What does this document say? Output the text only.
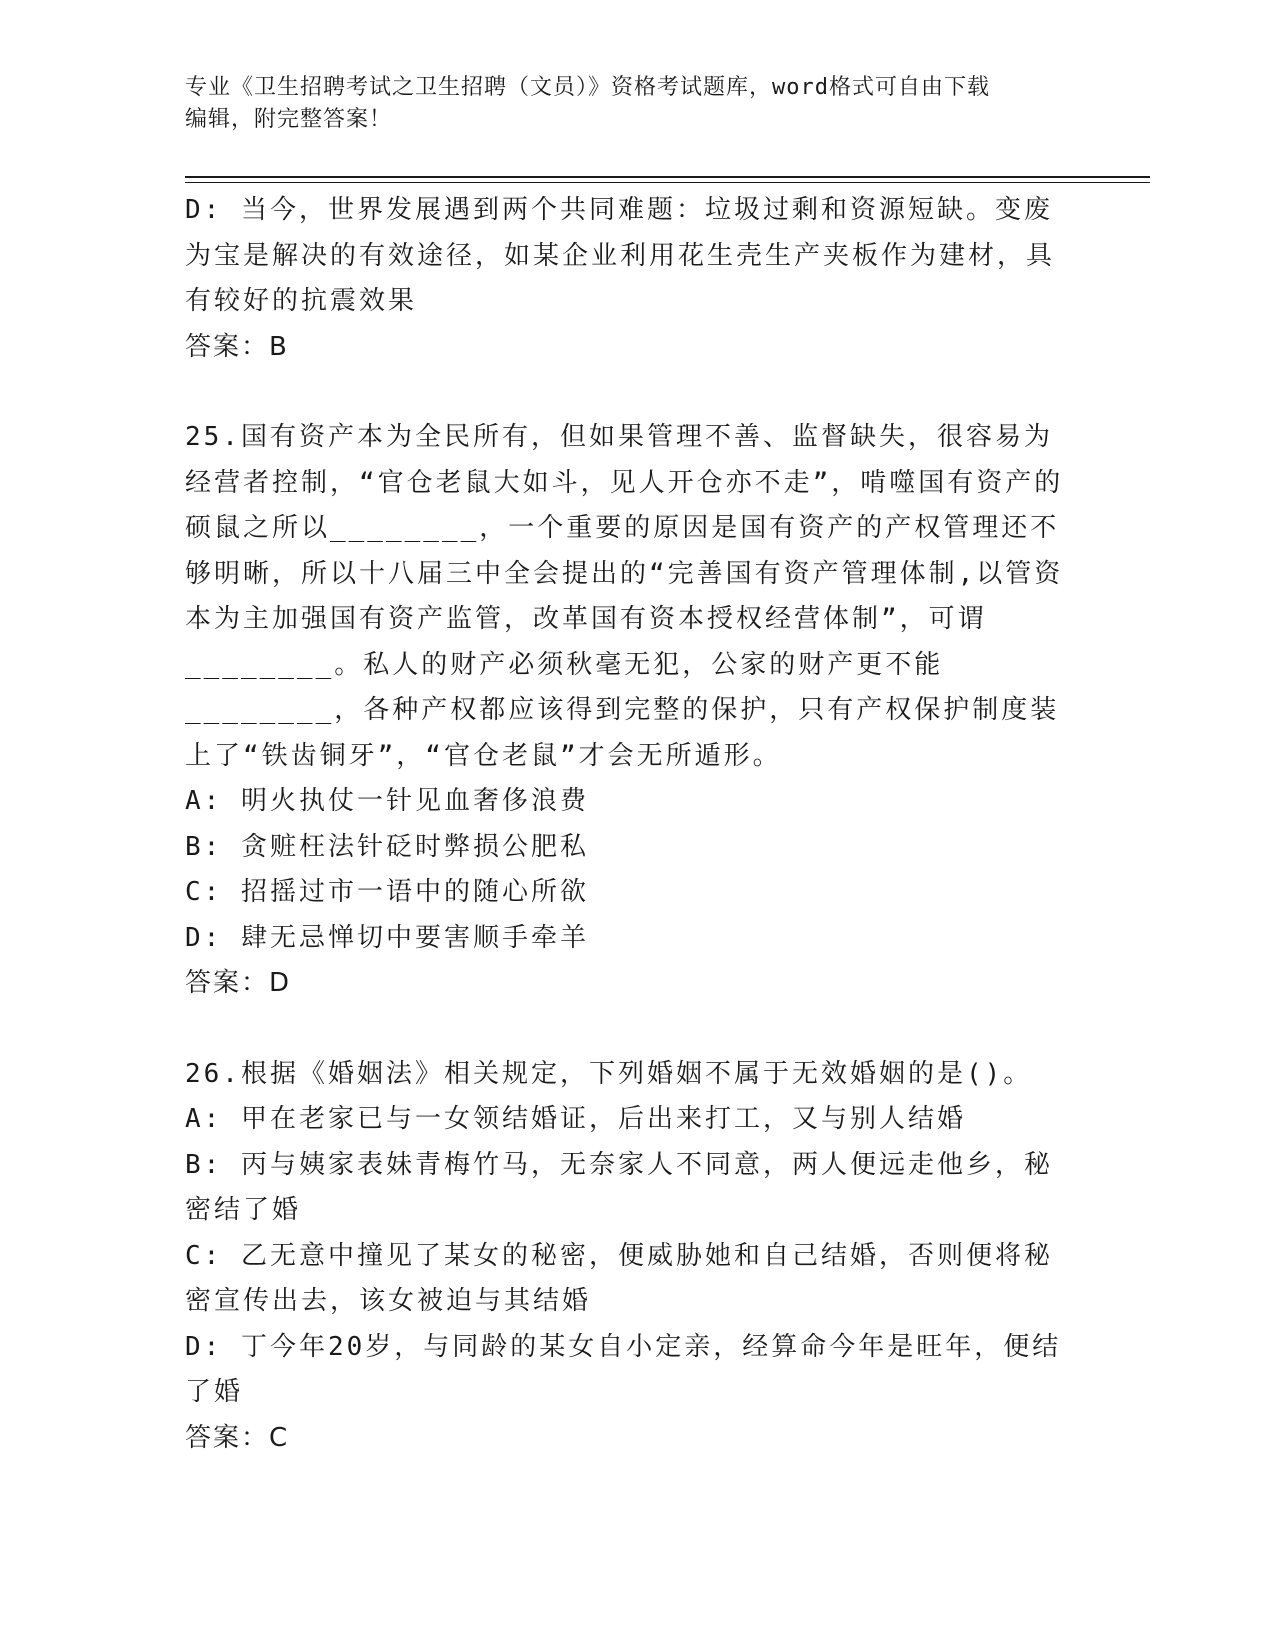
专业《卫生招聘考试之卫生招聘（文员）》资格考试题库，word格式可自由下载
编辑，附完整答案！

D: 当今，世界发展遇到两个共同难题：垃圾过剩和资源短缺。变废为宝是解决的有效途径，如某企业利用花生壳生产夹板作为建材，具有较好的抗震效果

答案：B

25.国有资产本为全民所有，但如果管理不善、监督缺失，很容易为经营者控制，“官仓老鼠大如斗，见人开仓亦不走”，啃噬国有资产的硕鼠之所以________，一个重要的原因是国有资产的产权管理还不够明晰，所以十八届三中全会提出的“完善国有资产管理体制,以管资本为主加强国有资产监管，改革国有资本授权经营体制”，可谓________。私人的财产必须秋毫无犯，公家的财产更不能________，各种产权都应该得到完整的保护，只有产权保护制度装上了“铁齿铜牙”，“官仓老鼠”才会无所遁形。

A: 明火执仗一针见血奢侈浪费

B: 贪赃枉法针砭时弊损公肥私

C: 招摇过市一语中的随心所欲

D: 肆无忌惮切中要害顺手牵羊

答案：D

26.根据《婚姻法》相关规定，下列婚姻不属于无效婚姻的是()。

A: 甲在老家已与一女领结婚证，后出来打工，又与别人结婚

B: 丙与姨家表妹青梅竹马，无奈家人不同意，两人便远走他乡，秘密结了婚

C: 乙无意中撞见了某女的秘密，便威胁她和自己结婚，否则便将秘密宣传出去，该女被迫与其结婚

D: 丁今年20岁，与同龄的某女自小定亲，经算命今年是旺年，便结了婚

答案：C
